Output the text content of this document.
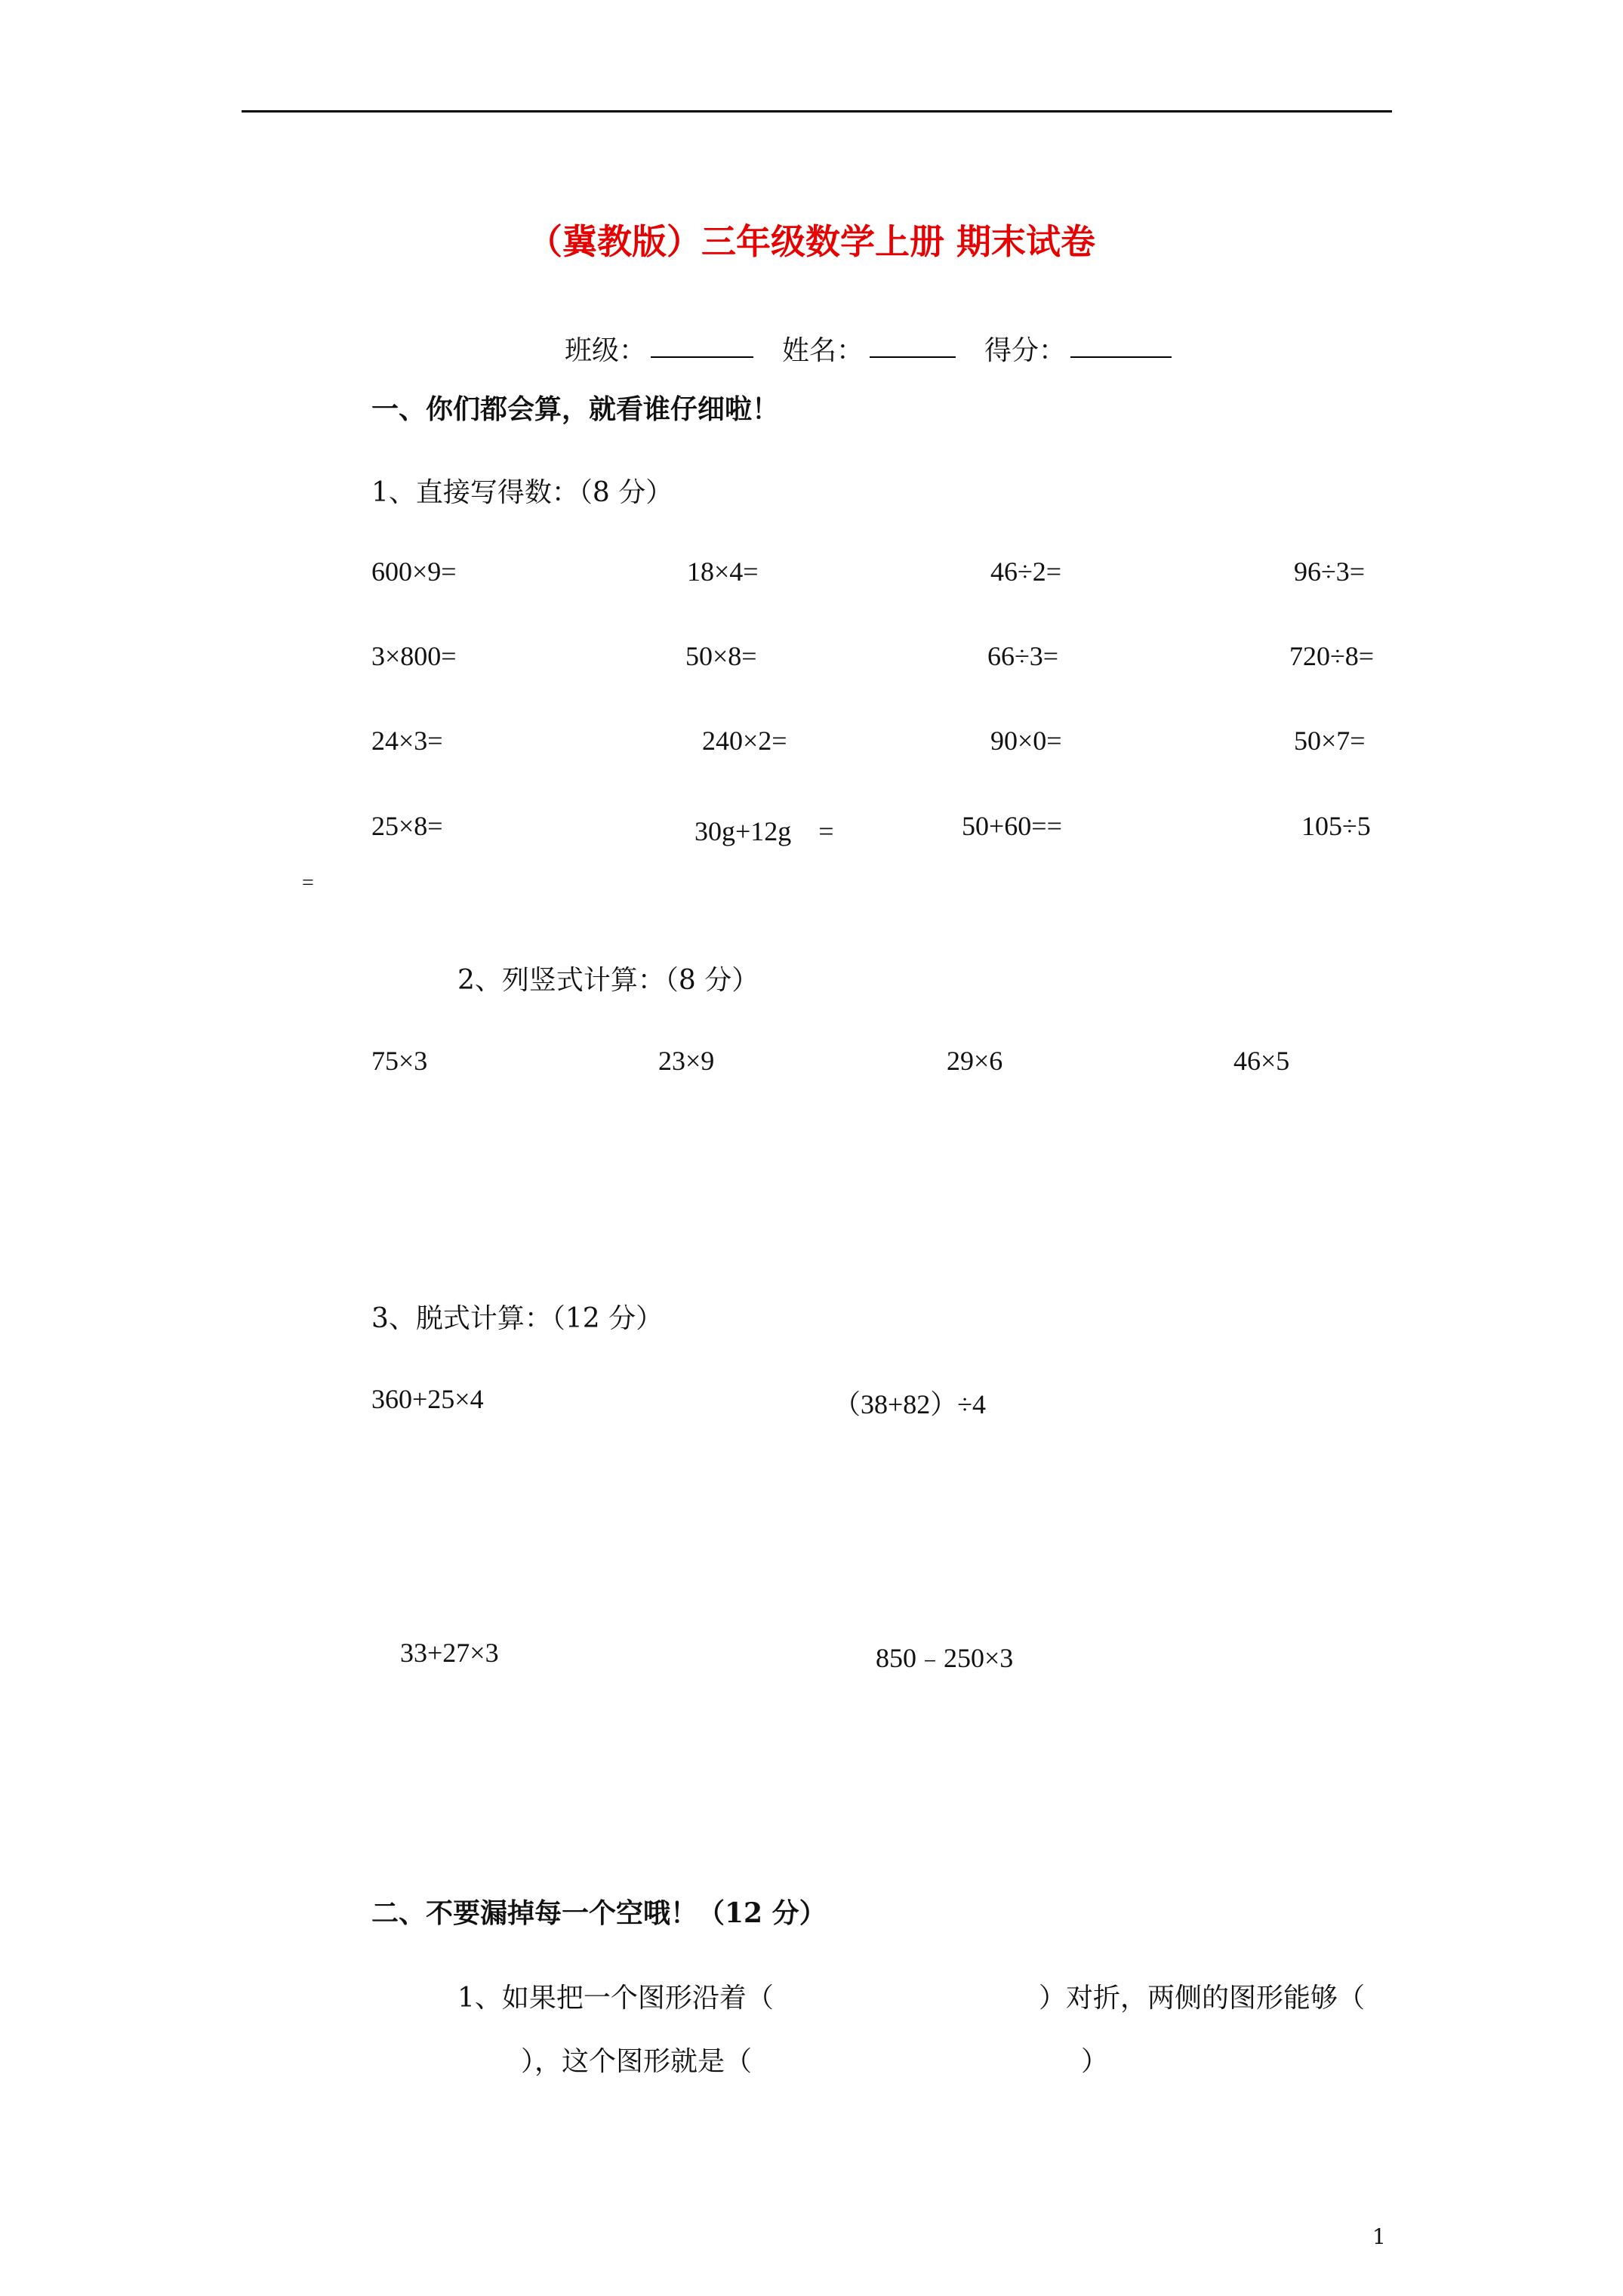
（冀教版）三年级数学上册 期末试卷
班级：	姓名：	得分：
一、你们都会算，就看谁仔细啦！
1、直接写得数：（8 分）
600×9=	18×4=	46÷2=	96÷3=
3×800=	50×8=	66÷3=	720÷8=
24×3=	240×2=	90×0=	50×7=
25×8=	30g+12g　=	50+60==	105÷5
=
2、列竖式计算：（8 分）
75×3	23×9	29×6	46×5
3、脱式计算：（12 分）
360+25×4	（38+82）÷4
33+27×3	850﹣250×3
二、不要漏掉每一个空哦！（12 分）
1、如果把一个图形沿着（	）对折，两侧的图形能够（
），这个图形就是（	）
1
